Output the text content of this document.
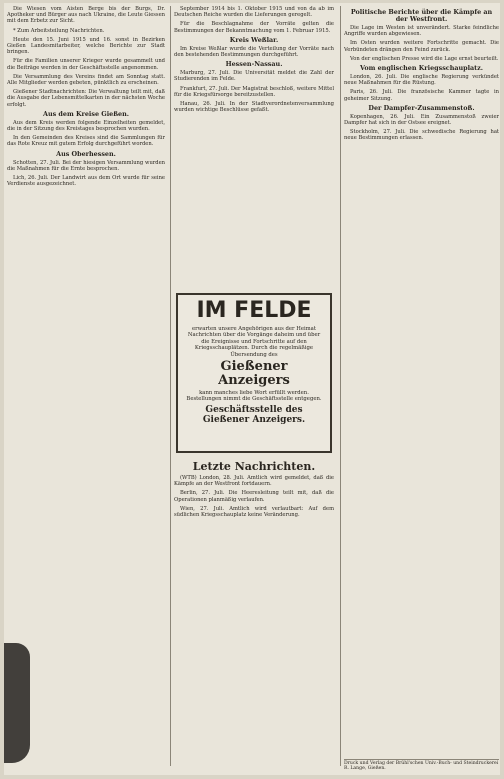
Die Wiesen vom Aisten Berge bis der Burgs, Dr. Apotheker und Bürger aus nach Ukraine, die Leute Giessen mit dem Erbetz zur Sicht.

* Zum Arbeitsteilung Nachrichten.

Heute den 15. Juni 1915 und 16. sonst in Bezirken Gießen Landesmitarbeiter, welche Berichte zur Stadt bringen.

Für die Familien unserer Krieger wurde gesammelt und die Beiträge werden in der Geschäftsstelle angenommen.

Die Versammlung des Vereins findet am Sonntag statt. Alle Mitglieder werden gebeten, pünktlich zu erscheinen.

Gießener Stadtnachrichten: Die Verwaltung teilt mit, daß die Ausgabe der Lebensmittelkarten in der nächsten Woche erfolgt.

Aus dem Kreise Gießen.

Aus dem Kreis werden folgende Einzelheiten gemeldet, die in der Sitzung des Kreistages besprochen wurden.

In den Gemeinden des Kreises sind die Sammlungen für das Rote Kreuz mit gutem Erfolg durchgeführt worden.

Aus Oberhessen.

Schotten, 27. Juli. Bei der hiesigen Versammlung wurden die Maßnahmen für die Ernte besprochen.

Lich, 26. Juli. Der Landwirt aus dem Ort wurde für seine Verdienste ausgezeichnet.

September 1914 bis 1. Oktober 1915 und von da ab im Deutschen Reiche wurden die Lieferungen geregelt.

Für die Beschlagnahme der Vorräte gelten die Bestimmungen der Bekanntmachung vom 1. Februar 1915.

Kreis Weßlar.

Im Kreise Weßlar wurde die Verteilung der Vorräte nach den bestehenden Bestimmungen durchgeführt.

Hessen-Nassau.

Marburg, 27. Juli. Die Universität meldet die Zahl der Studierenden im Felde.

Frankfurt, 27. Juli. Der Magistrat beschloß, weitere Mittel für die Kriegsfürsorge bereitzustellen.

Hanau, 26. Juli. In der Stadtverordnetenversammlung wurden wichtige Beschlüsse gefaßt.

IM FELDE
erwarten unsere Angehörigen aus der Heimat Nachrichten über die Vorgänge daheim und über die Ereignisse und Fortschritte auf den Kriegsschauplätzen. Durch die regelmäßige Übersendung des
Gießener Anzeigers
kann manches liebe Wort erfüllt werden. Bestellungen nimmt die Geschäftsstelle entgegen.
Geschäftsstelle des Gießener Anzeigers.
Letzte Nachrichten.

(WTB) London, 28. Juli. Amtlich wird gemeldet, daß die Kämpfe an der Westfront fortdauern.

Berlin, 27. Juli. Die Heeresleitung teilt mit, daß die Operationen planmäßig verlaufen.

Wien, 27. Juli. Amtlich wird verlautbart: Auf dem südlichen Kriegsschauplatz keine Veränderung.

Politische Berichte über die Kämpfe an der Westfront.

Die Lage im Westen ist unverändert. Starke feindliche Angriffe wurden abgewiesen.

Im Osten wurden weitere Fortschritte gemacht. Die Verbündeten drängen den Feind zurück.

Von der englischen Presse wird die Lage ernst beurteilt.

Vom englischen Kriegsschauplatz.

London, 26. Juli. Die englische Regierung verkündet neue Maßnahmen für die Rüstung.

Paris, 26. Juli. Die französische Kammer tagte in geheimer Sitzung.

Der Dampfer-Zusammenstoß.

Kopenhagen, 26. Juli. Ein Zusammenstoß zweier Dampfer hat sich in der Ostsee ereignet.

Stockholm, 27. Juli. Die schwedische Regierung hat neue Bestimmungen erlassen.

Druck und Verlag der Brühl'schen Univ.-Buch- und Steindruckerei R. Lange, Gießen.
